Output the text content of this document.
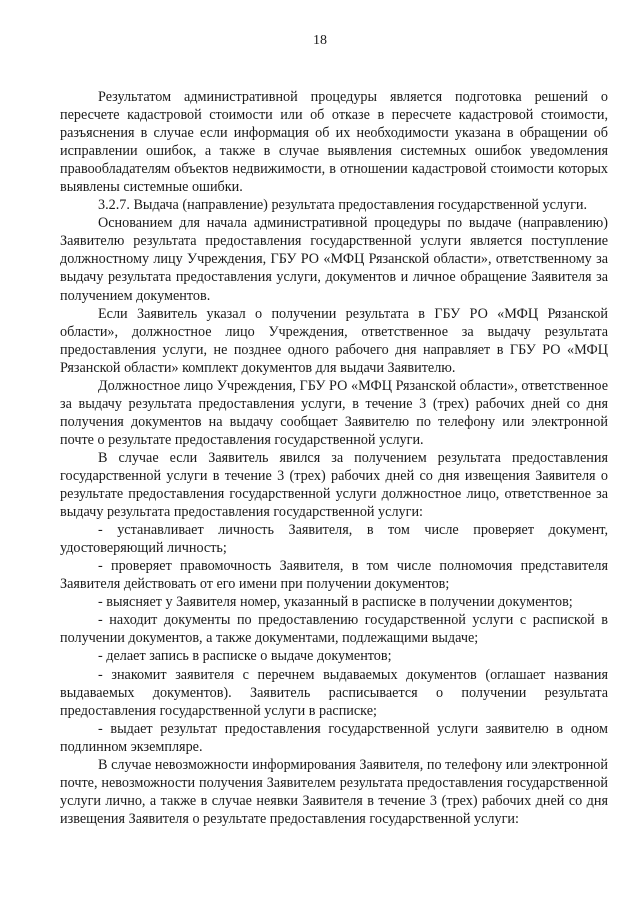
18

Результатом административной процедуры является подготовка решений о пересчете кадастровой стоимости или об отказе в пересчете кадастровой стоимости, разъяснения в случае если информация об их необходимости указана в обращении об исправлении ошибок, а также в случае выявления системных ошибок уведомления правообладателям объектов недвижимости, в отношении кадастровой стоимости которых выявлены системные ошибки.

3.2.7. Выдача (направление) результата предоставления государственной услуги.

Основанием для начала административной процедуры по выдаче (направлению) Заявителю результата предоставления государственной услуги является поступление должностному лицу Учреждения, ГБУ РО «МФЦ Рязанской области», ответственному за выдачу результата предоставления услуги, документов и личное обращение Заявителя за получением документов.

Если Заявитель указал о получении результата в ГБУ РО «МФЦ Рязанской области», должностное лицо Учреждения, ответственное за выдачу результата предоставления услуги, не позднее одного рабочего дня направляет в ГБУ РО «МФЦ Рязанской области» комплект документов для выдачи Заявителю.

Должностное лицо Учреждения, ГБУ РО «МФЦ Рязанской области», ответственное за выдачу результата предоставления услуги, в течение 3 (трех) рабочих дней со дня получения документов на выдачу сообщает Заявителю по телефону или электронной почте о результате предоставления государственной услуги.

В случае если Заявитель явился за получением результата предоставления государственной услуги в течение 3 (трех) рабочих дней со дня извещения Заявителя о результате предоставления государственной услуги должностное лицо, ответственное за выдачу результата предоставления государственной услуги:

- устанавливает личность Заявителя, в том числе проверяет документ, удостоверяющий личность;

- проверяет правомочность Заявителя, в том числе полномочия представителя Заявителя действовать от его имени при получении документов;

- выясняет у Заявителя номер, указанный в расписке в получении документов;

- находит документы по предоставлению государственной услуги с распиской в получении документов, а также документами, подлежащими выдаче;

- делает запись в расписке о выдаче документов;

- знакомит заявителя с перечнем выдаваемых документов (оглашает названия выдаваемых документов). Заявитель расписывается о получении результата предоставления государственной услуги в расписке;

- выдает результат предоставления государственной услуги заявителю в одном подлинном экземпляре.

В случае невозможности информирования Заявителя, по телефону или электронной почте, невозможности получения Заявителем результата предоставления государственной услуги лично, а также в случае неявки Заявителя в течение 3 (трех) рабочих дней со дня извещения Заявителя о результате предоставления государственной услуги:
